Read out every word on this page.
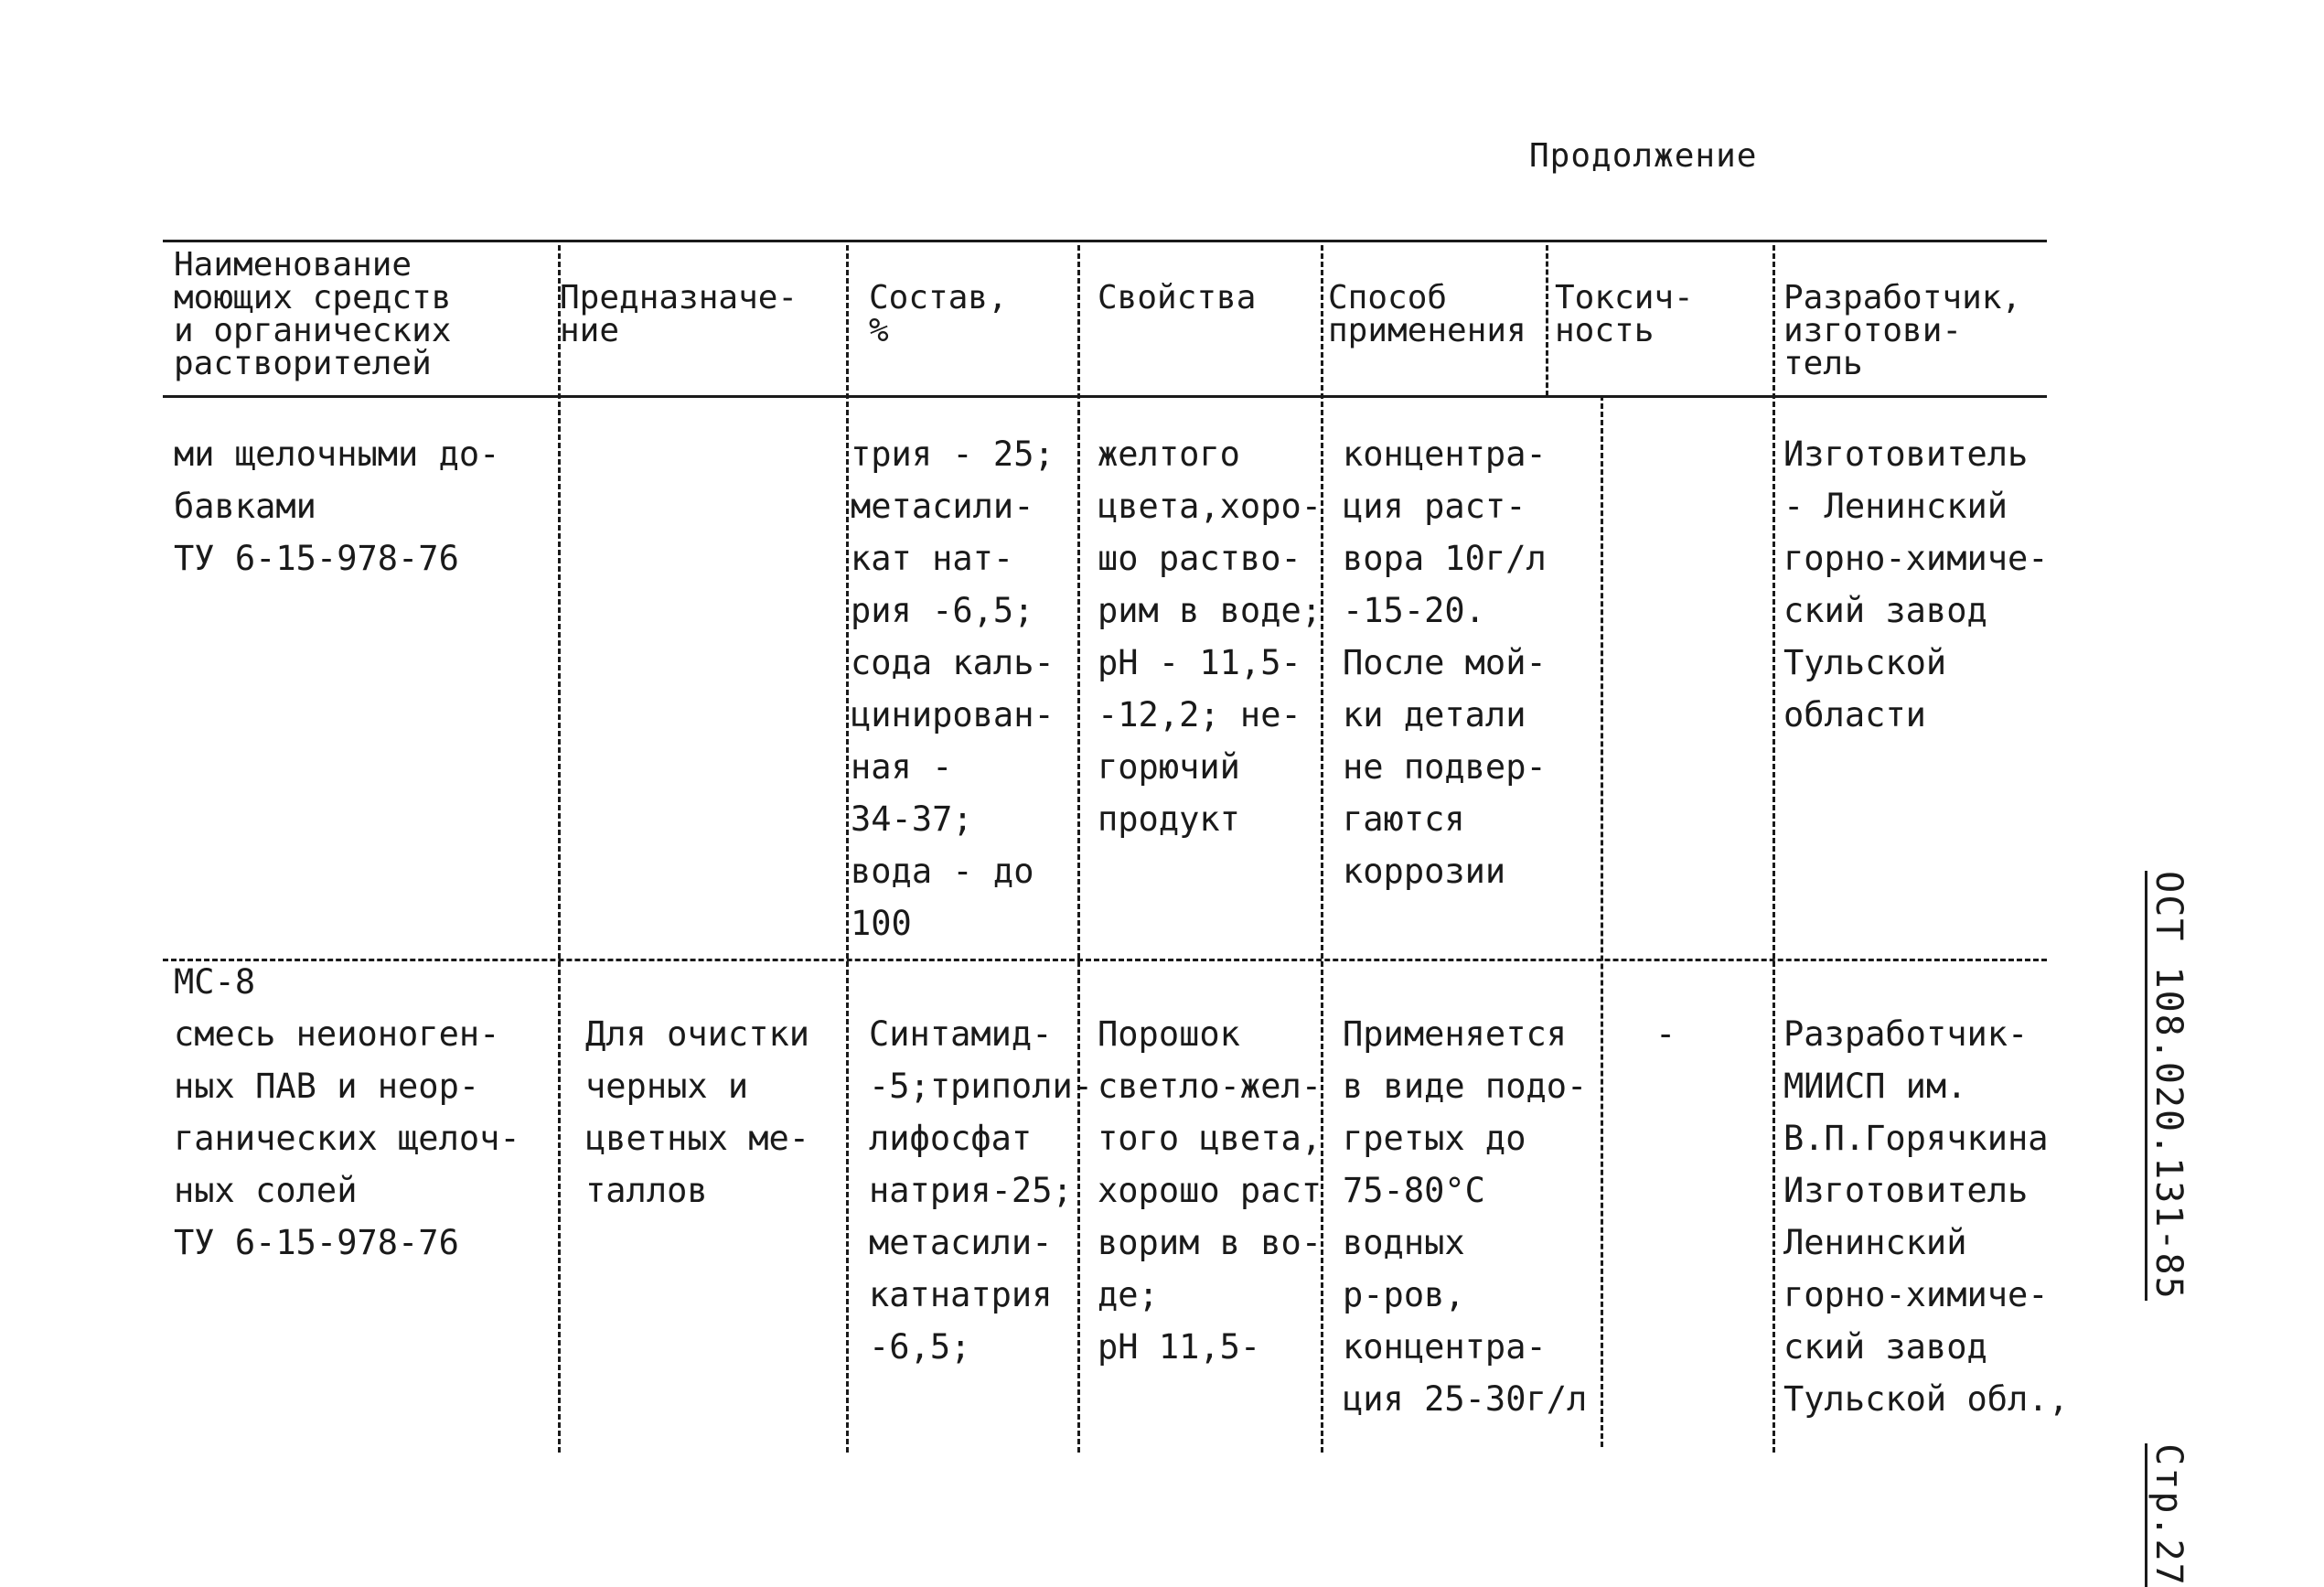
Продолжение
Наименование
моющих средств
и органических
растворителей
Предназначе-
ние
Состав,
%
Свойства Способ
применения
Токсич-
ность
Разработчик,
изготови-
тель
ми щелочными до-
бавками
ТУ 6-15-978-76
трия - 25;
метасили-
кат нат-
рия -6,5;
сода каль-
цинирован-
ная -
34-37;
вода - до
100
желтого
цвета,хоро-
шо раство-
рим в воде;
pH - 11,5-
-12,2; не-
горючий
продукт
концентра-
ция раст-
вора 10г/л
-15-20.
После мой-
ки детали
не подвер-
гаются
коррозии
Изготовитель
- Ленинский
горно-химиче-
ский завод
Тульской
области
МС-8
смесь неионоген-
ных ПАВ и неор-
ганических щелоч-
ных солей
ТУ 6-15-978-76
Для очистки
черных и
цветных ме-
таллов
Синтамид-
-5;триполи-
лифосфат
натрия-25;
метасили-
катнатрия
-6,5;
Порошок
светло-жел-
того цвета,
хорошо раст
ворим в во-
де;
pH 11,5-
Применяется
в виде подо-
гретых до
75-80°C
водных
р-ров,
концентра-
ция 25-30г/л
-	Разработчик-
МИИСП им.
В.П.Горячкина
Изготовитель
Ленинский
горно-химиче-
ский завод
Тульской обл.,

ОСТ 108.020.131-85      Стр.27
